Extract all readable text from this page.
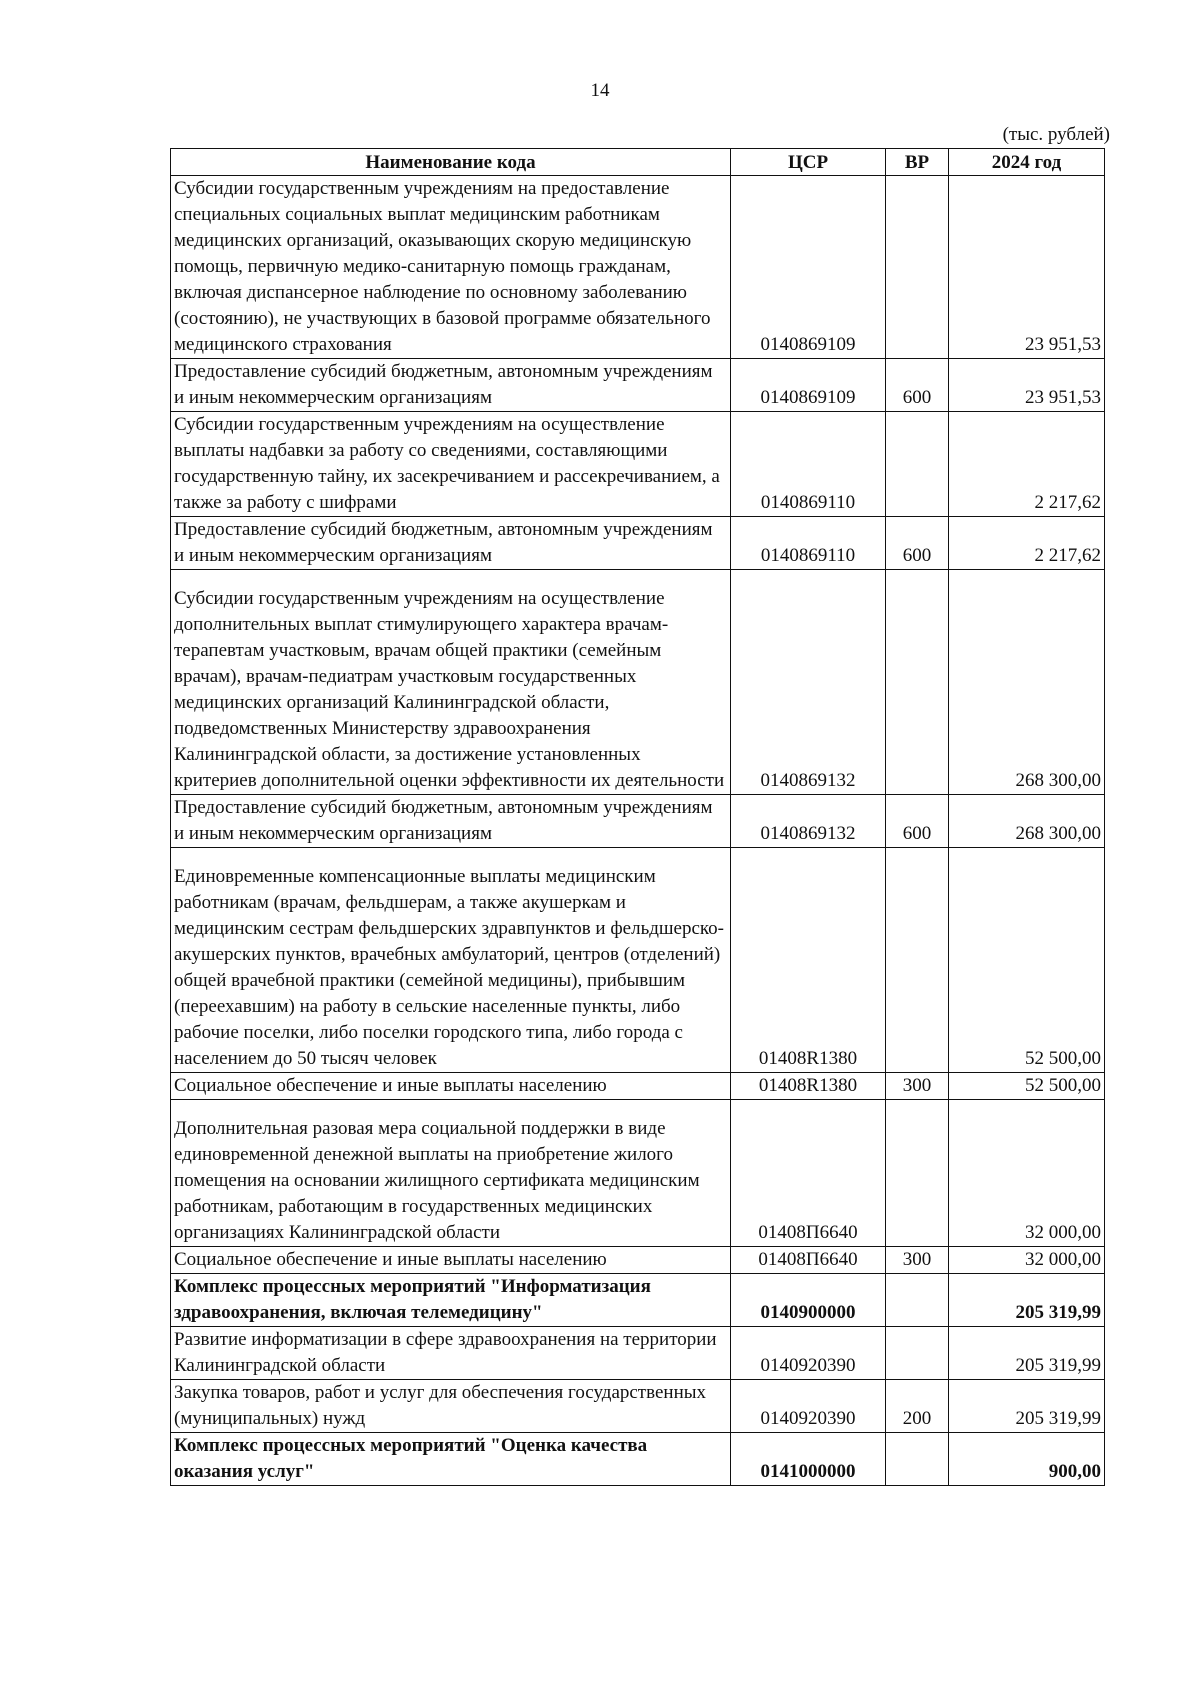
14
(тыс. рублей)
Наименование кода	ЦСР	ВР	2024 год
Субсидии государственным учреждениям на предоставление специальных социальных выплат медицинским работникам медицинских организаций, оказывающих скорую медицинскую помощь, первичную медико-санитарную помощь гражданам, включая диспансерное наблюдение по основному заболеванию (состоянию), не участвующих в базовой программе обязательного медицинского страхования	0140869109		23 951,53
Предоставление субсидий бюджетным, автономным учреждениям и иным некоммерческим организациям	0140869109	600	23 951,53
Субсидии государственным учреждениям на осуществление выплаты надбавки за работу со сведениями, составляющими государственную тайну, их засекречиванием и рассекречиванием, а также за работу с шифрами	0140869110		2 217,62
Предоставление субсидий бюджетным, автономным учреждениям и иным некоммерческим организациям	0140869110	600	2 217,62
Субсидии государственным учреждениям на осуществление дополнительных выплат стимулирующего характера врачам-терапевтам участковым, врачам общей практики (семейным врачам), врачам-педиатрам участковым государственных медицинских организаций Калининградской области, подведомственных Министерству здравоохранения Калининградской области, за достижение установленных критериев дополнительной оценки эффективности их деятельности	0140869132		268 300,00
Предоставление субсидий бюджетным, автономным учреждениям и иным некоммерческим организациям	0140869132	600	268 300,00
Единовременные компенсационные выплаты медицинским работникам (врачам, фельдшерам, а также акушеркам и медицинским сестрам фельдшерских здравпунктов и фельдшерско-акушерских пунктов, врачебных амбулаторий, центров (отделений) общей врачебной практики (семейной медицины), прибывшим (переехавшим) на работу в сельские населенные пункты, либо рабочие поселки, либо поселки городского типа, либо города с населением до 50 тысяч человек	01408R1380		52 500,00
Социальное обеспечение и иные выплаты населению	01408R1380	300	52 500,00
Дополнительная разовая мера социальной поддержки в виде единовременной денежной выплаты на приобретение жилого помещения на основании жилищного сертификата медицинским работникам, работающим в государственных медицинских организациях Калининградской области	01408П6640		32 000,00
Социальное обеспечение и иные выплаты населению	01408П6640	300	32 000,00
Комплекс процессных мероприятий "Информатизация здравоохранения, включая телемедицину"	0140900000		205 319,99
Развитие информатизации в сфере здравоохранения на территории Калининградской области	0140920390		205 319,99
Закупка товаров, работ и услуг для обеспечения государственных (муниципальных) нужд	0140920390	200	205 319,99
Комплекс процессных мероприятий "Оценка качества оказания услуг"	0141000000		900,00
